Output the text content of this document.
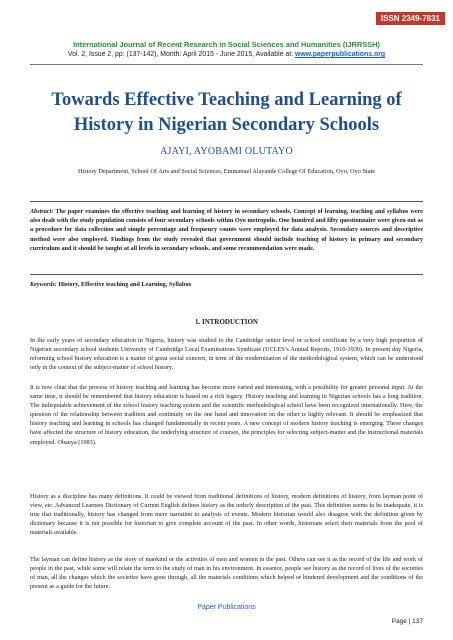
ISSN 2349-7831
International Journal of Recent Research in Social Sciences and Humanities (IJRRSSH)
Vol. 2, Issue 2, pp: (137-142), Month: April 2015 - June 2015, Available at: www.paperpublications.org
Towards Effective Teaching and Learning of
History in Nigerian Secondary Schools
AJAYI, AYOBAMI OLUTAYO
History Department, School Of Arts and Social Sciences, Emmanuel Alayande College Of Education, Oyo, Oyo State
Abstract: The paper examines the effective teaching and learning of history in secondary schools. Concept of learning, teaching and syllabus were also dealt with the study population consists of four secondary schools within Oyo metropolis. One hundred and fifty questionnaire were given out as a procedure for data collection and simple percentage and frequency counts were employed for data analysis. Secondary sources and descriptive method were also employed. Findings from the study revealed that government should include teaching of history in primary and secondary curriculum and it should be taught at all levels in secondary schools, and some recommendation were made.
Keywords: History, Effective teaching and Learning, Syllabus
1. INTRODUCTION

In the early years of secondary education in Nigeria, history was studied to the Cambridge senior level or school certificate by a very high proportion of Nigerian secondary school students University of Cambridge Local Examinations Syndicate (UCLES’s Annual Reports, 1910-1930). In present day Nigeria, reforming school history education is a matter of great social concern, in term of the modernization of the methodological system, which can be understood only in the context of the subject-matter of school history.

It is now clear that the process of history teaching and learning has become more varied and interesting, with a possibility for greater personal input. At the same time, it should be remembered that history education is based on a rich legacy. History teaching and learning in Nigerian schools has a long tradition. The indisputable achievement of the school history teaching system and the scientific methodological school have been recognized internationally. Here, the question of the relationship between tradition and continuity on the one hand and innovation on the other is highly relevant. It should be emphasized that history teaching and learning in schools has changed fundamentally in recent years. A new concept of modern history teaching is emerging. These changes have affected the structure of history education, the underlying structure of courses, the principles for selecting subject-matter and the instructional materials employed. Obanya (1983).

History as a discipline has many definitions. It could be viewed from traditional definitions of history, modern definitions of history, from layman point of view, etc. Advanced Learners Dictionary of Current English defines history as the orderly description of the past. This definition seems to be inadequate, it is true that traditionally, history has changed from mere narration to analysis of events. Modern historian would also disagree with the definition given by dictionary because it is not possible for historian to give complete account of the past. In other words, historians select their materials from the pool of materials available.

The layman can define history as the story of mankind or the activities of men and women in the past. Others can see it as the record of the life and work of people in the past, while some will relate the term to the study of man in his environment. In essence, people see history as the record of lives of the societies of man, all the changes which the societies have gone through, all the materials conditions which helped or hindered development and the conditions of the present as a guide for the future.

Paper Publications
Page | 137
